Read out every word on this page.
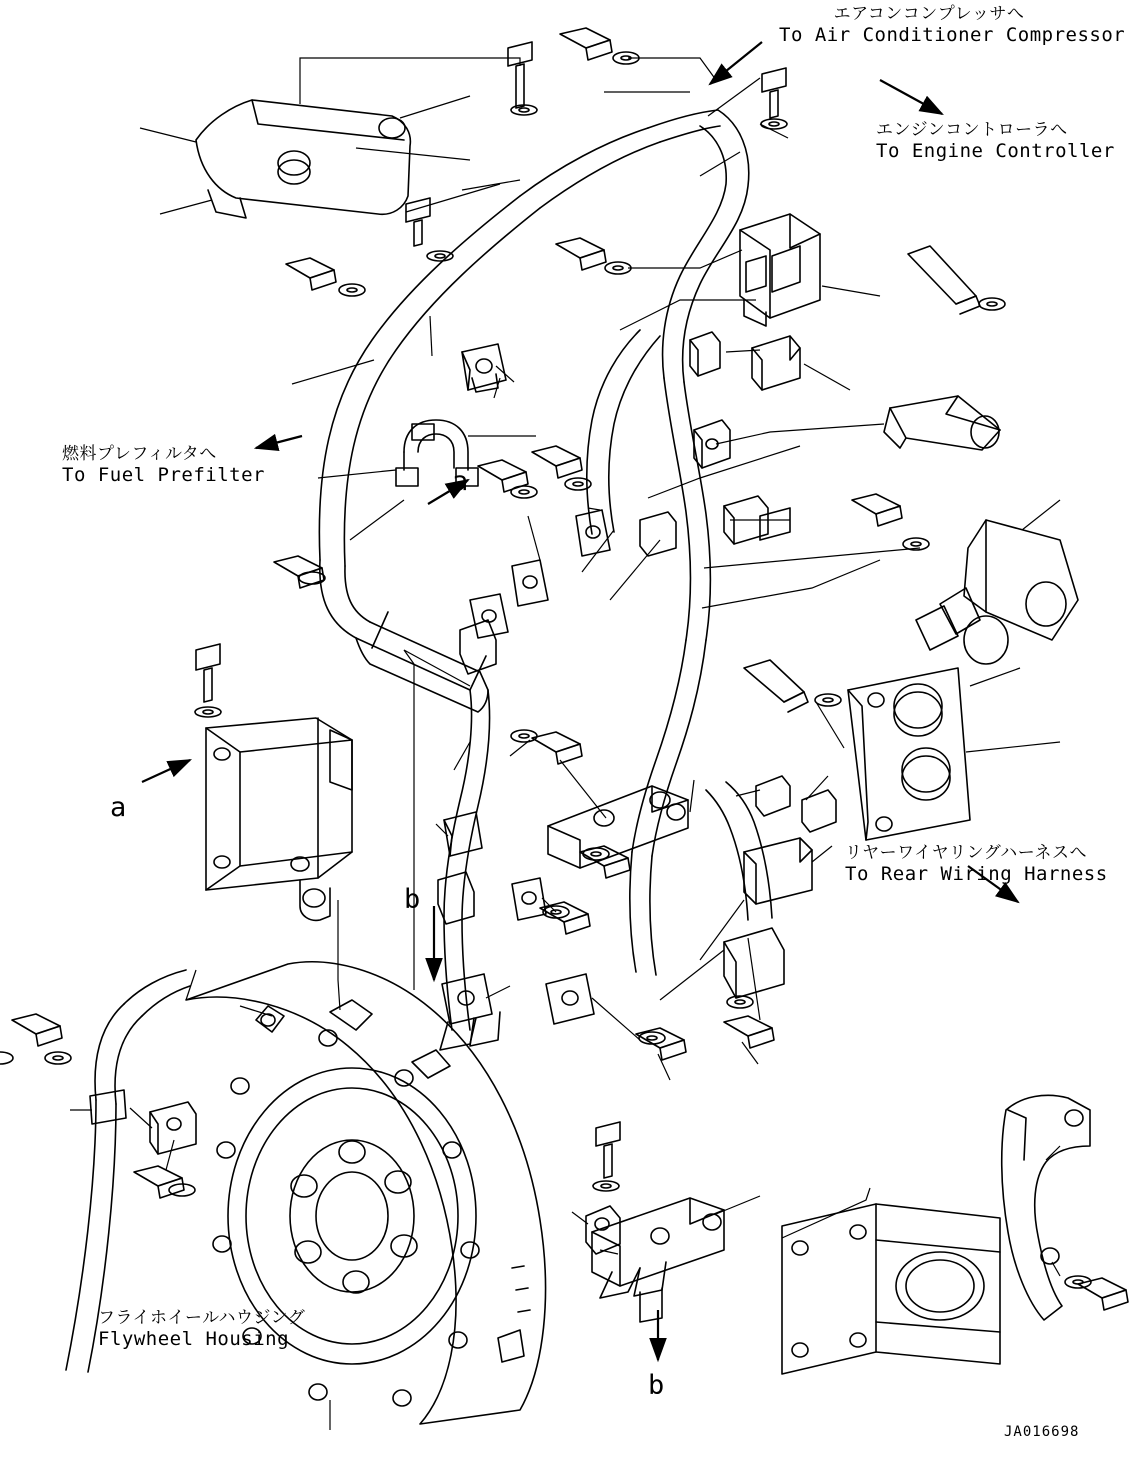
エアコンコンプレッサへ
To Air Conditioner Compressor
エンジンコントローラへ
To Engine Controller
燃料プレフィルタへ
To Fuel Prefilter
リヤーワイヤリングハーネスへ
To Rear Wiring Harness
フライホイールハウジング
Flywheel Housing
a
a
b
b
JA016698
